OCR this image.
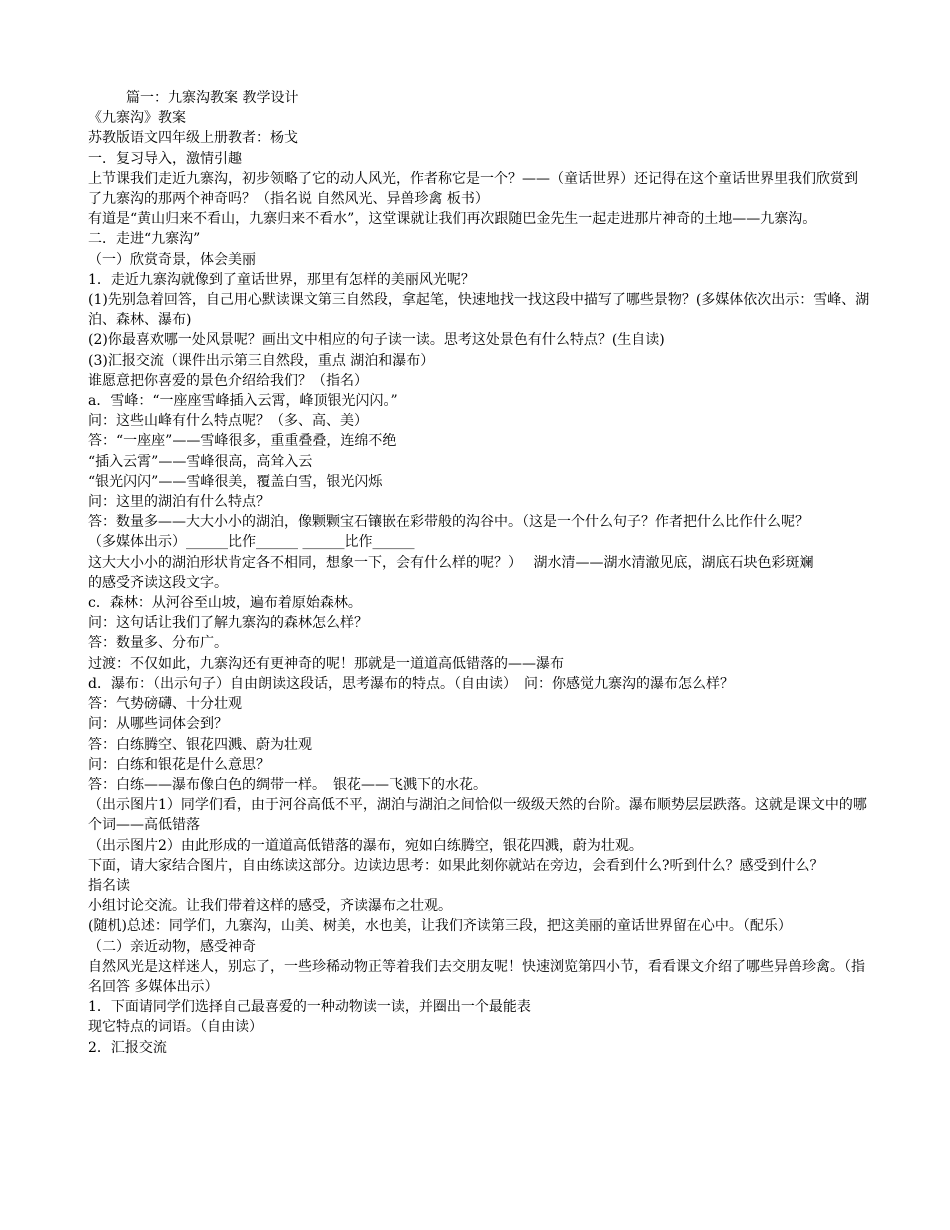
篇一：九寨沟教案 教学设计
《九寨沟》教案
苏教版语文四年级上册教者：杨戈
一．复习导入，激情引趣
上节课我们走近九寨沟，初步领略了它的动人风光，作者称它是一个？——（童话世界）还记得在这个童话世界里我们欣赏到了九寨沟的那两个神奇吗？（指名说 自然风光、异兽珍禽 板书）
有道是“黄山归来不看山，九寨归来不看水”，这堂课就让我们再次跟随巴金先生一起走进那片神奇的土地——九寨沟。
二．走进“九寨沟”
（一）欣赏奇景，体会美丽
1．走近九寨沟就像到了童话世界，那里有怎样的美丽风光呢？
(1)先别急着回答，自己用心默读课文第三自然段，拿起笔，快速地找一找这段中描写了哪些景物？(多媒体依次出示：雪峰、湖泊、森林、瀑布)
(2)你最喜欢哪一处风景呢？画出文中相应的句子读一读。思考这处景色有什么特点？(生自读)
(3)汇报交流（课件出示第三自然段，重点 湖泊和瀑布）
谁愿意把你喜爱的景色介绍给我们？（指名）
a．雪峰：“一座座雪峰插入云霄，峰顶银光闪闪。”
问：这些山峰有什么特点呢？（多、高、美）
答：“一座座”——雪峰很多，重重叠叠，连绵不绝
“插入云霄”——雪峰很高，高耸入云
“银光闪闪”——雪峰很美，覆盖白雪，银光闪烁
问：这里的湖泊有什么特点？
答：数量多——大大小小的湖泊，像颗颗宝石镶嵌在彩带般的沟谷中。（这是一个什么句子？作者把什么比作什么呢？
（多媒体出示）______比作______ ______比作______
这大大小小的湖泊形状肯定各不相同，想象一下，会有什么样的呢？）　 湖水清——湖水清澈见底，湖底石块色彩斑斓
的感受齐读这段文字。
c．森林：从河谷至山坡，遍布着原始森林。
问：这句话让我们了解九寨沟的森林怎么样？
答：数量多、分布广。
过渡：不仅如此，九寨沟还有更神奇的呢！那就是一道道高低错落的——瀑布
d．瀑布：（出示句子）自由朗读这段话，思考瀑布的特点。（自由读）　问：你感觉九寨沟的瀑布怎么样？
答：气势磅礴、十分壮观
问：从哪些词体会到？
答：白练腾空、银花四溅、蔚为壮观
问：白练和银花是什么意思？
答：白练——瀑布像白色的绸带一样。　银花——飞溅下的水花。
（出示图片1）同学们看，由于河谷高低不平，湖泊与湖泊之间恰似一级级天然的台阶。瀑布顺势层层跌落。这就是课文中的哪个词——高低错落
（出示图片2）由此形成的一道道高低错落的瀑布，宛如白练腾空，银花四溅，蔚为壮观。
下面，请大家结合图片，自由练读这部分。边读边思考：如果此刻你就站在旁边，会看到什么?听到什么？感受到什么？
指名读
小组讨论交流。让我们带着这样的感受，齐读瀑布之壮观。
(随机)总述：同学们，九寨沟，山美、树美，水也美，让我们齐读第三段，把这美丽的童话世界留在心中。（配乐）
（二）亲近动物，感受神奇
自然风光是这样迷人，别忘了，一些珍稀动物正等着我们去交朋友呢！快速浏览第四小节，看看课文介绍了哪些异兽珍禽。（指名回答 多媒体出示）
1．下面请同学们选择自己最喜爱的一种动物读一读，并圈出一个最能表
现它特点的词语。（自由读）
2．汇报交流
